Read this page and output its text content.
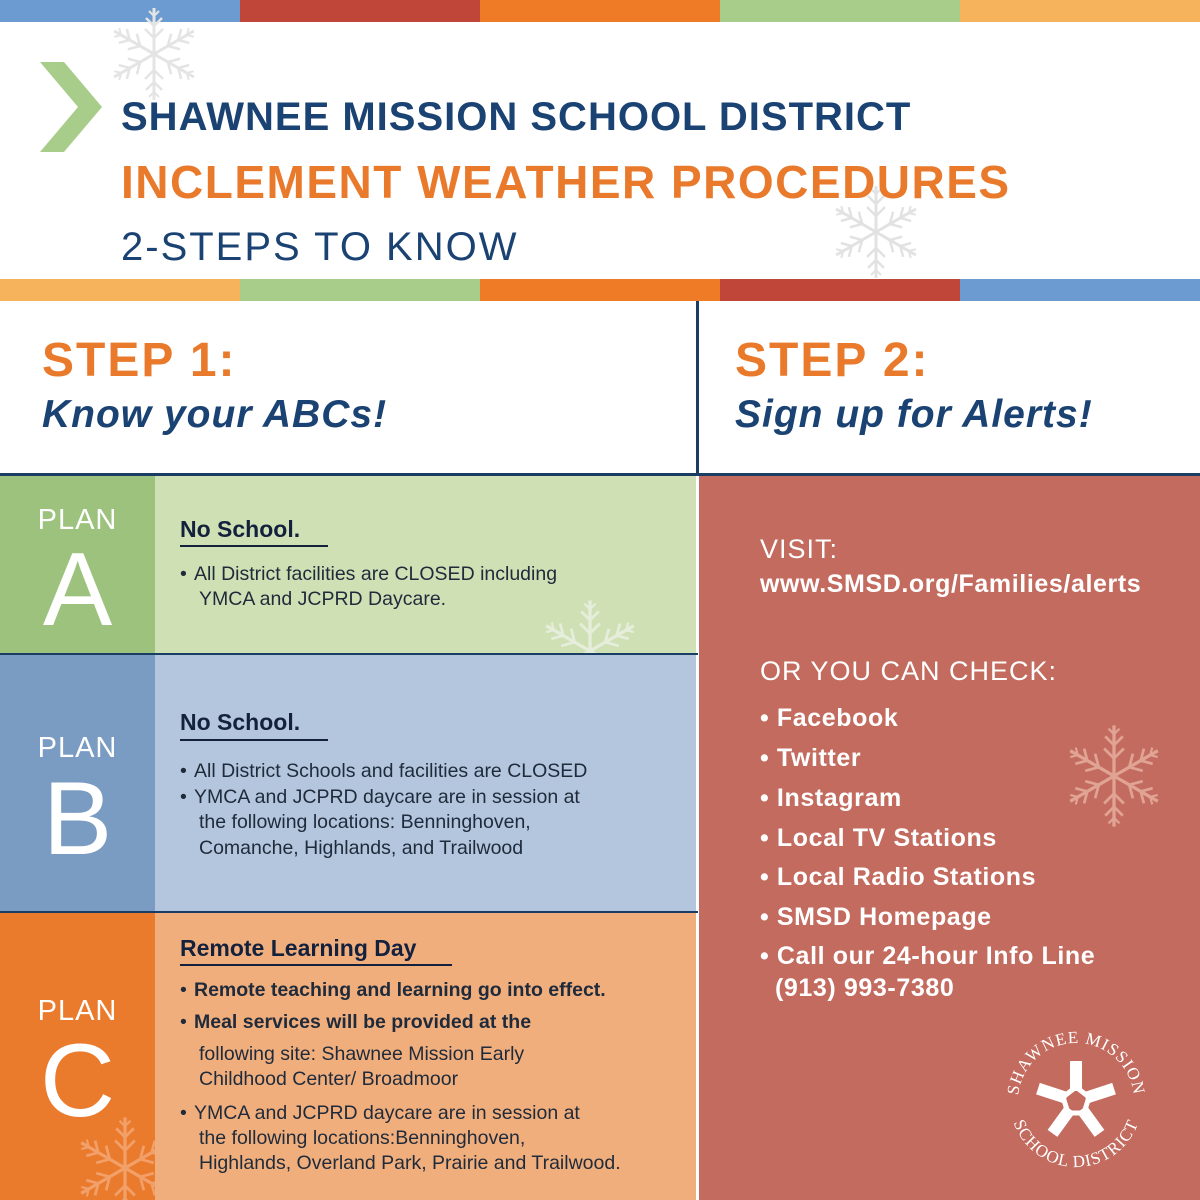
SHAWNEE MISSION SCHOOL DISTRICT
INCLEMENT WEATHER PROCEDURES
2-STEPS TO KNOW
STEP 1:
Know your ABCs!
STEP 2:
Sign up for Alerts!
PLAN
A
No School.
• All District facilities are CLOSED including
YMCA and JCPRD Daycare.
PLAN
B
No School.
• All District Schools and facilities are CLOSED
• YMCA and JCPRD daycare are in session at
the following locations: Benninghoven,
Comanche, Highlands, and Trailwood
PLAN
C
Remote Learning Day
• Remote teaching and learning go into effect.
• Meal services will be provided at the
following site: Shawnee Mission Early
Childhood Center/ Broadmoor
• YMCA and JCPRD daycare are in session at
the following locations:Benninghoven,
Highlands, Overland Park, Prairie and Trailwood.
VISIT:
www.SMSD.org/Families/alerts
OR YOU CAN CHECK:
• Facebook
• Twitter
• Instagram
• Local TV Stations
• Local Radio Stations
• SMSD Homepage
• Call our 24-hour Info Line
(913) 993-7380
SHAWNEE MISSION
SCHOOL DISTRICT
